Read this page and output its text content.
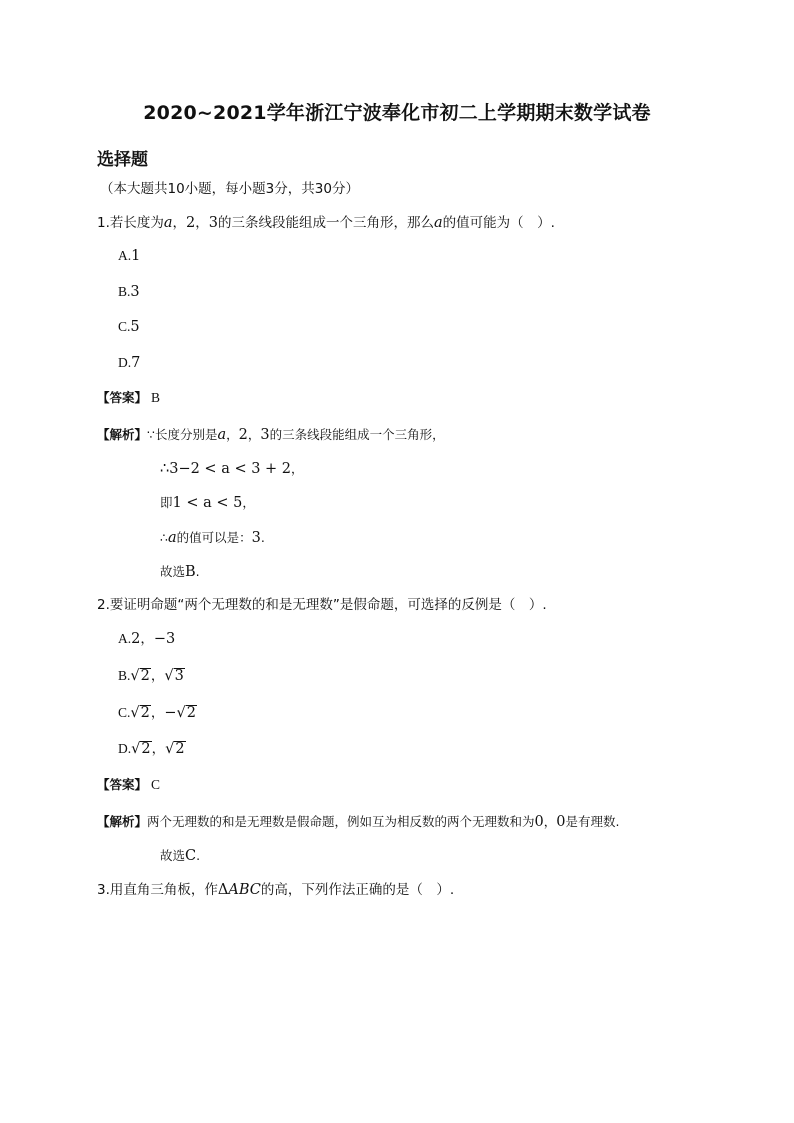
2020~2021学年浙江宁波奉化市初二上学期期末数学试卷
选择题
（本大题共10小题，每小题3分，共30分）
1.若长度为a，2，3的三条线段能组成一个三角形，那么a的值可能为（　）.
A.1
B.3
C.5
D.7
【答案】 B
【解析】∵长度分别是a，2，3的三条线段能组成一个三角形，
∴3−2 < a < 3 + 2，
即1 < a < 5，
∴a的值可以是：3.
故选B.
2.要证明命题“两个无理数的和是无理数”是假命题，可选择的反例是（　）.
A.2，−3
B.√2，√3
C.√2，−√2
D.√2，√2
【答案】 C
【解析】两个无理数的和是无理数是假命题，例如互为相反数的两个无理数和为0，0是有理数.
故选C.
3.用直角三角板，作ΔABC的高，下列作法正确的是（　）.
